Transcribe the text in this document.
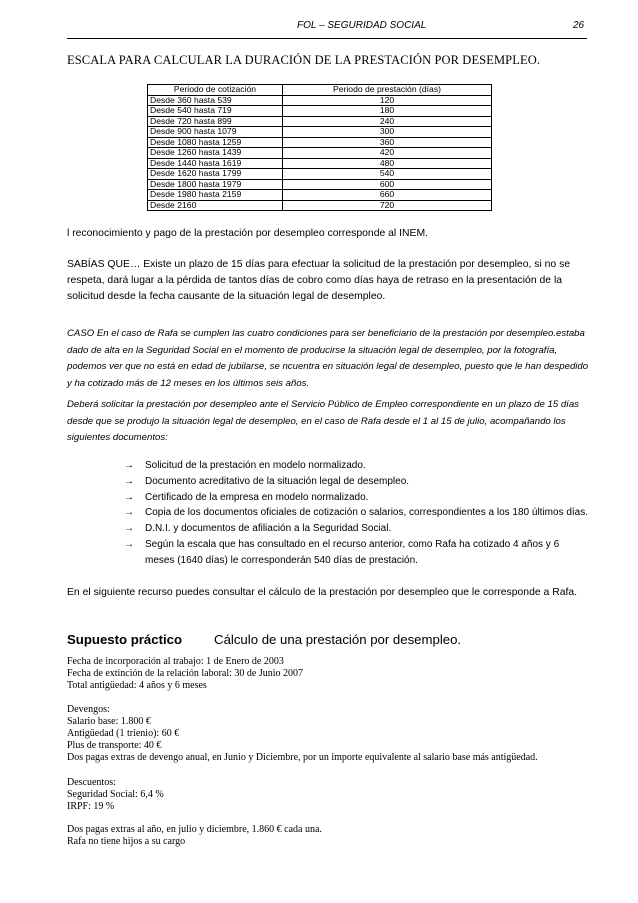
FOL – SEGURIDAD SOCIAL	26
ESCALA PARA CALCULAR LA DURACIÓN DE LA PRESTACIÓN POR DESEMPLEO.
Periodo de cotización	Periodo de prestación (días)
Desde 360 hasta 539	120
Desde 540 hasta 719	180
Desde 720 hasta 899	240
Desde 900 hasta 1079	300
Desde 1080 hasta 1259	360
Desde 1260 hasta 1439	420
Desde 1440 hasta 1619	480
Desde 1620 hasta 1799	540
Desde 1800 hasta 1979	600
Desde 1980 hasta 2159	660
Desde 2160	720

l reconocimiento y pago de la prestación por desempleo corresponde al INEM.

SABÍAS QUE… Existe un plazo de 15 días para efectuar la solicitud de la prestación por desempleo, si no se respeta, dará lugar a la pérdida de tantos días de cobro como días haya de retraso en la presentación de la solicitud desde la fecha causante de la situación legal de desempleo.

CASO En el caso de Rafa se cumplen las cuatro condiciones para ser beneficiario de la prestación por desempleo.estaba dado de alta en la Seguridad Social en el momento de producirse la situación legal de desempleo, por la fotografía, podemos ver que no está en edad de jubilarse, se ncuentra en situación legal de desempleo, puesto que le han despedido y ha cotizado más de 12 meses en los últimos seis años.

Deberá solicitar la prestación por desempleo ante el Servicio Público de Empleo correspondiente en un plazo de 15 días desde que se produjo la situación legal de desempleo, en el caso de Rafa desde el 1 al 15 de julio, acompañando los siguientes documentos:

→ Solicitud de la prestación en modelo normalizado.
→ Documento acreditativo de la situación legal de desempleo.
→ Certificado de la empresa en modelo normalizado.
→ Copia de los documentos oficiales de cotización o salarios, correspondientes a los 180 últimos días.
→ D.N.I. y documentos de afiliación a la Seguridad Social.
→ Según la escala que has consultado en el recurso anterior, como Rafa ha cotizado 4 años y 6 meses (1640 días) le corresponderán 540 días de prestación.

En el siguiente recurso puedes consultar el cálculo de la prestación por desempleo que le corresponde a Rafa.

Supuesto práctico Cálculo de una prestación por desempleo.
Fecha de incorporación al trabajo: 1 de Enero de 2003
Fecha de extinción de la relación laboral: 30 de Junio 2007
Total antigüedad: 4 años y 6 meses
Devengos:
Salario base: 1.800 €
Antigüedad (1 trienio): 60 €
Plus de transporte: 40 €
Dos pagas extras de devengo anual, en Junio y Diciembre, por un importe equivalente al salario base más antigüedad.
Descuentos:
Seguridad Social: 6,4 %
IRPF: 19 %
Dos pagas extras al año, en julio y diciembre, 1.860 € cada una.
Rafa no tiene hijos a su cargo
